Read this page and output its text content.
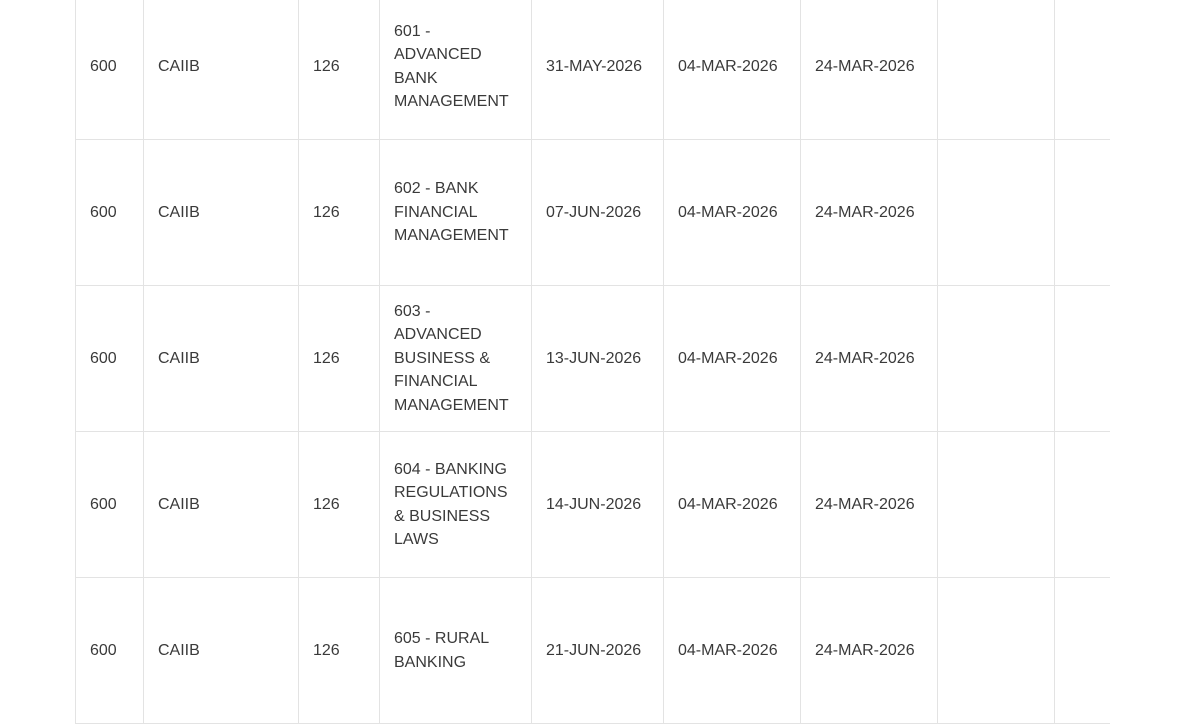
600	CAIIB	126	601 - ADVANCED BANK MANAGEMENT	31-MAY-2026	04-MAR-2026	24-MAR-2026		
600	CAIIB	126	602 - BANK FINANCIAL MANAGEMENT	07-JUN-2026	04-MAR-2026	24-MAR-2026		
600	CAIIB	126	603 - ADVANCED BUSINESS & FINANCIAL MANAGEMENT	13-JUN-2026	04-MAR-2026	24-MAR-2026		
600	CAIIB	126	604 - BANKING REGULATIONS & BUSINESS LAWS	14-JUN-2026	04-MAR-2026	24-MAR-2026		
600	CAIIB	126	605 - RURAL BANKING	21-JUN-2026	04-MAR-2026	24-MAR-2026		
